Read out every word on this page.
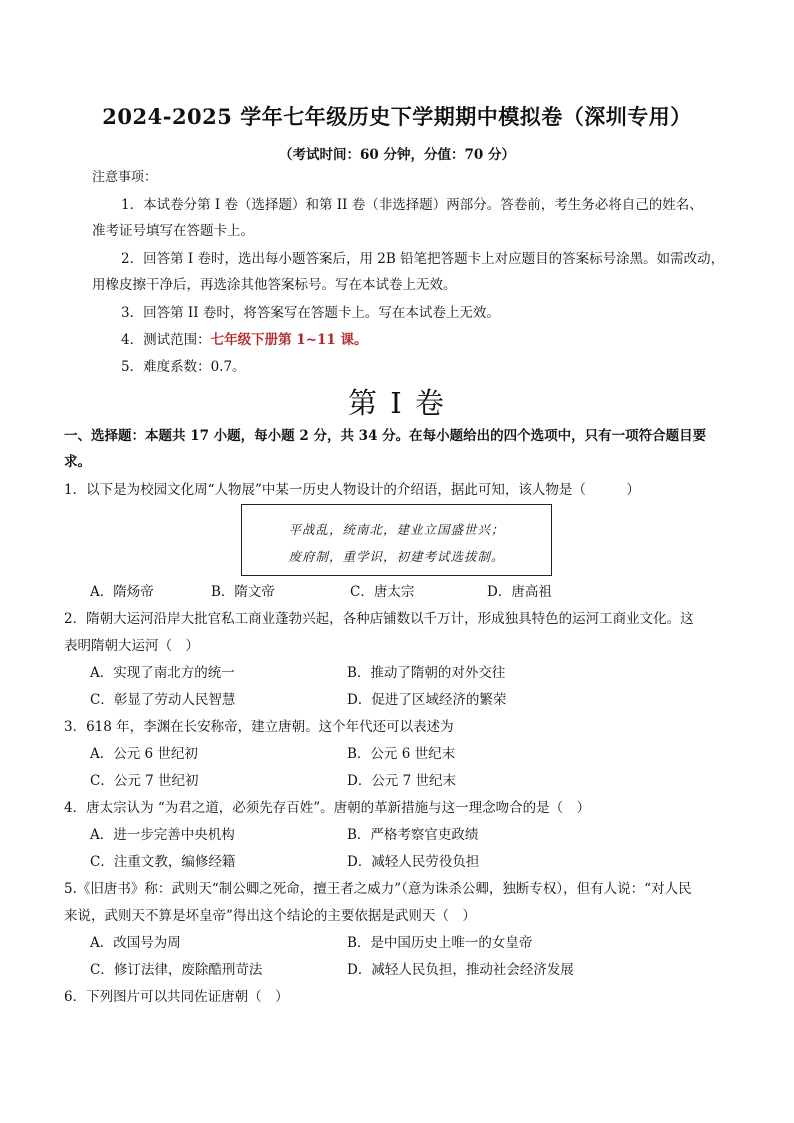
2024-2025 学年七年级历史下学期期中模拟卷（深圳专用）
（考试时间：60 分钟，分值：70 分）
注意事项：
1．本试卷分第 I 卷（选择题）和第 II 卷（非选择题）两部分。答卷前，考生务必将自己的姓名、
准考证号填写在答题卡上。
2．回答第 I 卷时，选出每小题答案后，用 2B 铅笔把答题卡上对应题目的答案标号涂黑。如需改动，
用橡皮擦干净后，再选涂其他答案标号。写在本试卷上无效。
3．回答第 II 卷时，将答案写在答题卡上。写在本试卷上无效。
4．测试范围：七年级下册第 1~11 课。
5．难度系数：0.7。
第 I 卷
一、选择题：本题共 17 小题，每小题 2 分，共 34 分。在每小题给出的四个选项中，只有一项符合题目要
求。
1．以下是为校园文化周“人物展”中某一历史人物设计的介绍语，据此可知，该人物是（　　　）
平战乱，统南北，建业立国盛世兴；
废府制，重学识，初建考试选拔制。
A．隋炀帝	B．隋文帝	C．唐太宗	D．唐高祖
2．隋朝大运河沿岸大批官私工商业蓬勃兴起，各种店铺数以千万计，形成独具特色的运河工商业文化。这
表明隋朝大运河（　）
A．实现了南北方的统一	B．推动了隋朝的对外交往
C．彰显了劳动人民智慧	D．促进了区域经济的繁荣
3．618 年，李渊在长安称帝，建立唐朝。这个年代还可以表述为
A．公元 6 世纪初	B．公元 6 世纪末
C．公元 7 世纪初	D．公元 7 世纪末
4．唐太宗认为 “为君之道，必须先存百姓”。唐朝的革新措施与这一理念吻合的是（　）
A．进一步完善中央机构	B．严格考察官吏政绩
C．注重文教，编修经籍	D．减轻人民劳役负担
5.《旧唐书》称：武则天“制公卿之死命，擅王者之威力”（意为诛杀公卿，独断专权），但有人说：“对人民
来说，武则天不算是坏皇帝”得出这个结论的主要依据是武则天（　）
A．改国号为周	B．是中国历史上唯一的女皇帝
C．修订法律，废除酷刑苛法	D．减轻人民负担，推动社会经济发展
6．下列图片可以共同佐证唐朝（　）
